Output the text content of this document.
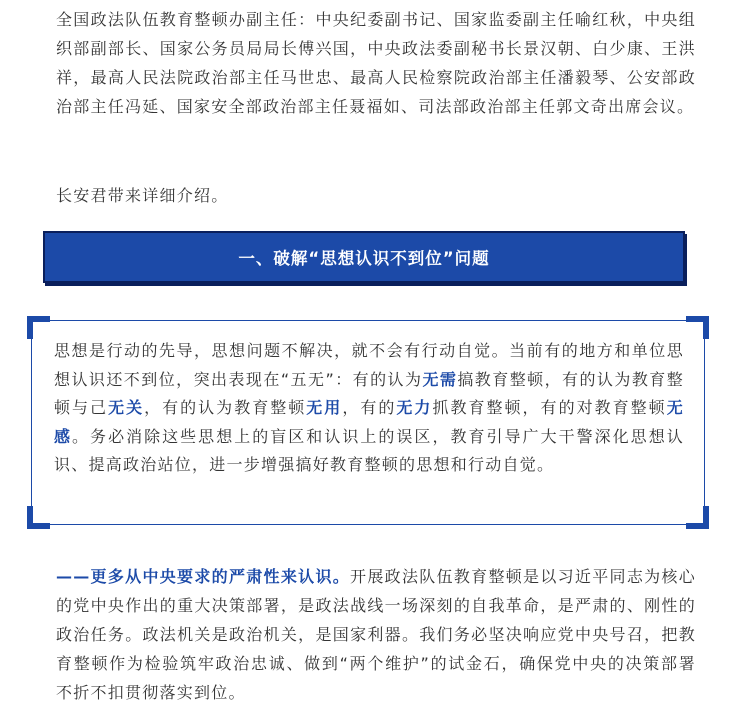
全国政法队伍教育整顿办副主任：中央纪委副书记、国家监委副主任喻红秋，中央组织部副部长、国家公务员局局长傅兴国，中央政法委副秘书长景汉朝、白少康、王洪祥，最高人民法院政治部主任马世忠、最高人民检察院政治部主任潘毅琴、公安部政治部主任冯延、国家安全部政治部主任聂福如、司法部政治部主任郭文奇出席会议。

长安君带来详细介绍。

一、破解“思想认识不到位”问题

思想是行动的先导，思想问题不解决，就不会有行动自觉。当前有的地方和单位思想认识还不到位，突出表现在“五无”：有的认为无需搞教育整顿，有的认为教育整顿与己无关，有的认为教育整顿无用，有的无力抓教育整顿，有的对教育整顿无感。务必消除这些思想上的盲区和认识上的误区，教育引导广大干警深化思想认识、提高政治站位，进一步增强搞好教育整顿的思想和行动自觉。

——更多从中央要求的严肃性来认识。开展政法队伍教育整顿是以习近平同志为核心的党中央作出的重大决策部署，是政法战线一场深刻的自我革命，是严肃的、刚性的政治任务。政法机关是政治机关，是国家利器。我们务必坚决响应党中央号召，把教育整顿作为检验筑牢政治忠诚、做到“两个维护”的试金石，确保党中央的决策部署不折不扣贯彻落实到位。
